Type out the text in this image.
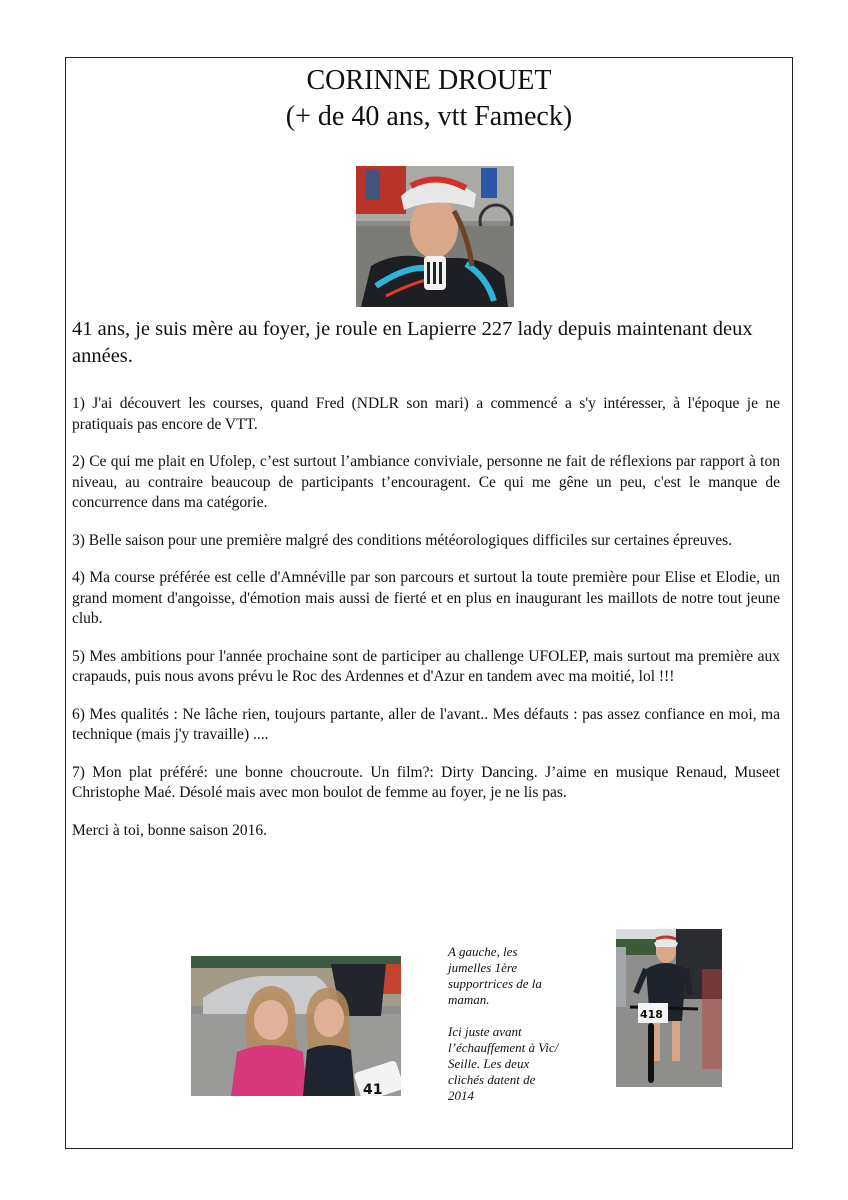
CORINNE DROUET
(+ de 40 ans, vtt Fameck)
41 ans, je suis mère au foyer, je roule en Lapierre 227 lady depuis maintenant deux années.

1) J'ai découvert les courses, quand Fred (NDLR son mari) a commencé a s'y intéresser, à l'époque je ne pratiquais pas encore de VTT.

2) Ce qui me plait en Ufolep, c’est surtout l’ambiance conviviale, personne ne fait de réflexions par rapport à ton niveau, au contraire beaucoup de participants t’encouragent. Ce qui me gêne un peu, c'est le manque de concurrence dans ma catégorie.

3) Belle saison pour une première malgré des conditions météorologiques difficiles sur certaines épreuves.

4) Ma course préférée est celle d'Amnéville par son parcours et surtout la toute première pour Elise et Elodie, un grand moment d'angoisse, d'émotion mais aussi de fierté et en plus en inaugurant les maillots de notre tout jeune club.

5) Mes ambitions pour l'année prochaine sont de participer au challenge UFOLEP, mais surtout ma première aux crapauds, puis nous avons prévu le Roc des Ardennes et d'Azur en tandem avec ma moitié, lol !!!

6) Mes qualités : Ne lâche rien, toujours partante, aller de l'avant.. Mes défauts : pas assez confiance en moi, ma technique (mais j'y travaille) ....

7) Mon plat préféré: une bonne choucroute. Un film?: Dirty Dancing. J’aime en musique Renaud, Museet Christophe Maé. Désolé mais avec mon boulot de femme au foyer, je ne lis pas.

Merci à toi, bonne saison 2016.

41

A gauche, les jumelles 1ère supportrices de la maman.

Ici juste avant l’échauffement à Vic/ Seille. Les deux clichés datent de 2014

418
